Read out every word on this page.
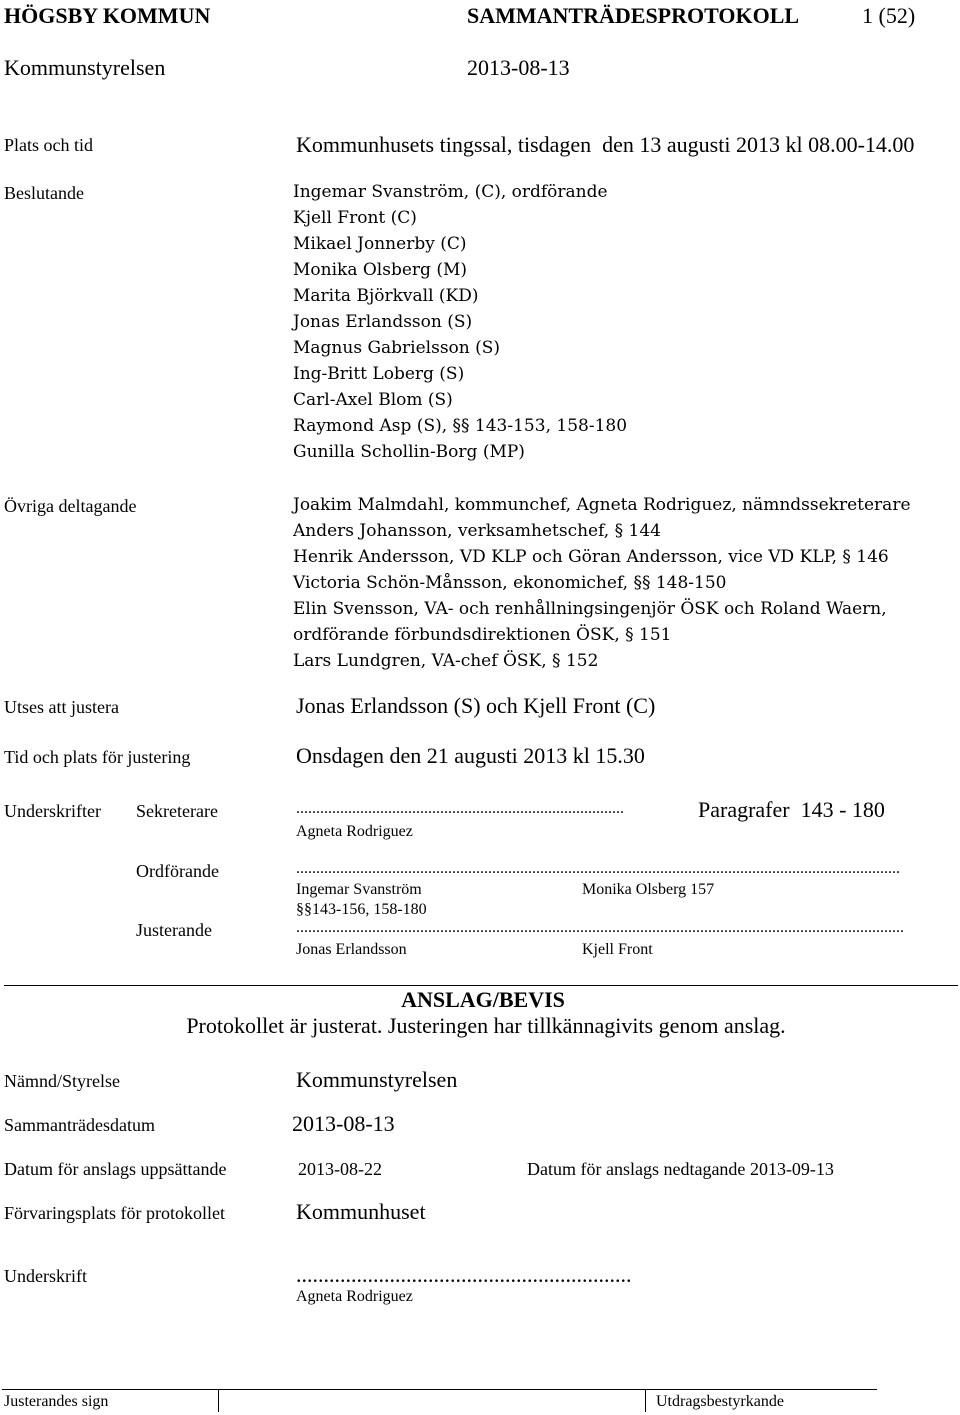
HÖGSBY KOMMUN	SAMMANTRÄDESPROTOKOLL	1 (52)
Kommunstyrelsen	2013-08-13
Plats och tid	Kommunhusets tingssal, tisdagen  den 13 augusti 2013 kl 08.00-14.00
Beslutande	Ingemar Svanström, (C), ordförande
Kjell Front (C)
Mikael Jonnerby (C)
Monika Olsberg (M)
Marita Björkvall (KD)
Jonas Erlandsson (S)
Magnus Gabrielsson (S)
Ing-Britt Loberg (S)
Carl-Axel Blom (S)
Raymond Asp (S), §§ 143-153, 158-180
Gunilla Schollin-Borg (MP)
Övriga deltagande	Joakim Malmdahl, kommunchef, Agneta Rodriguez, nämndssekreterare
Anders Johansson, verksamhetschef, § 144
Henrik Andersson, VD KLP och Göran Andersson, vice VD KLP, § 146
Victoria Schön-Månsson, ekonomichef, §§ 148-150
Elin Svensson, VA- och renhållningsingenjör ÖSK och Roland Waern,
ordförande förbundsdirektionen ÖSK, § 151
Lars Lundgren, VA-chef ÖSK, § 152
Utses att justera	Jonas Erlandsson (S) och Kjell Front (C)
Tid och plats för justering	Onsdagen den 21 augusti 2013 kl 15.30
Underskrifter Sekreterare	..................................................................................	Paragrafer  143 - 180
Agneta Rodriguez
Ordförande	.......................................................................................................................................................
Ingemar Svanström	Monika Olsberg 157
§§143-156, 158-180
Justerande	........................................................................................................................................................
Jonas Erlandsson	Kjell Front
ANSLAG/BEVIS
Protokollet är justerat. Justeringen har tillkännagivits genom anslag.
Nämnd/Styrelse	Kommunstyrelsen
Sammanträdesdatum	2013-08-13
Datum för anslags uppsättande	2013-08-22	Datum för anslags nedtagande 2013-09-13
Förvaringsplats för protokollet	Kommunhuset
Underskrift	.............................................................
Agneta Rodriguez
Justerandes sign	Utdragsbestyrkande
